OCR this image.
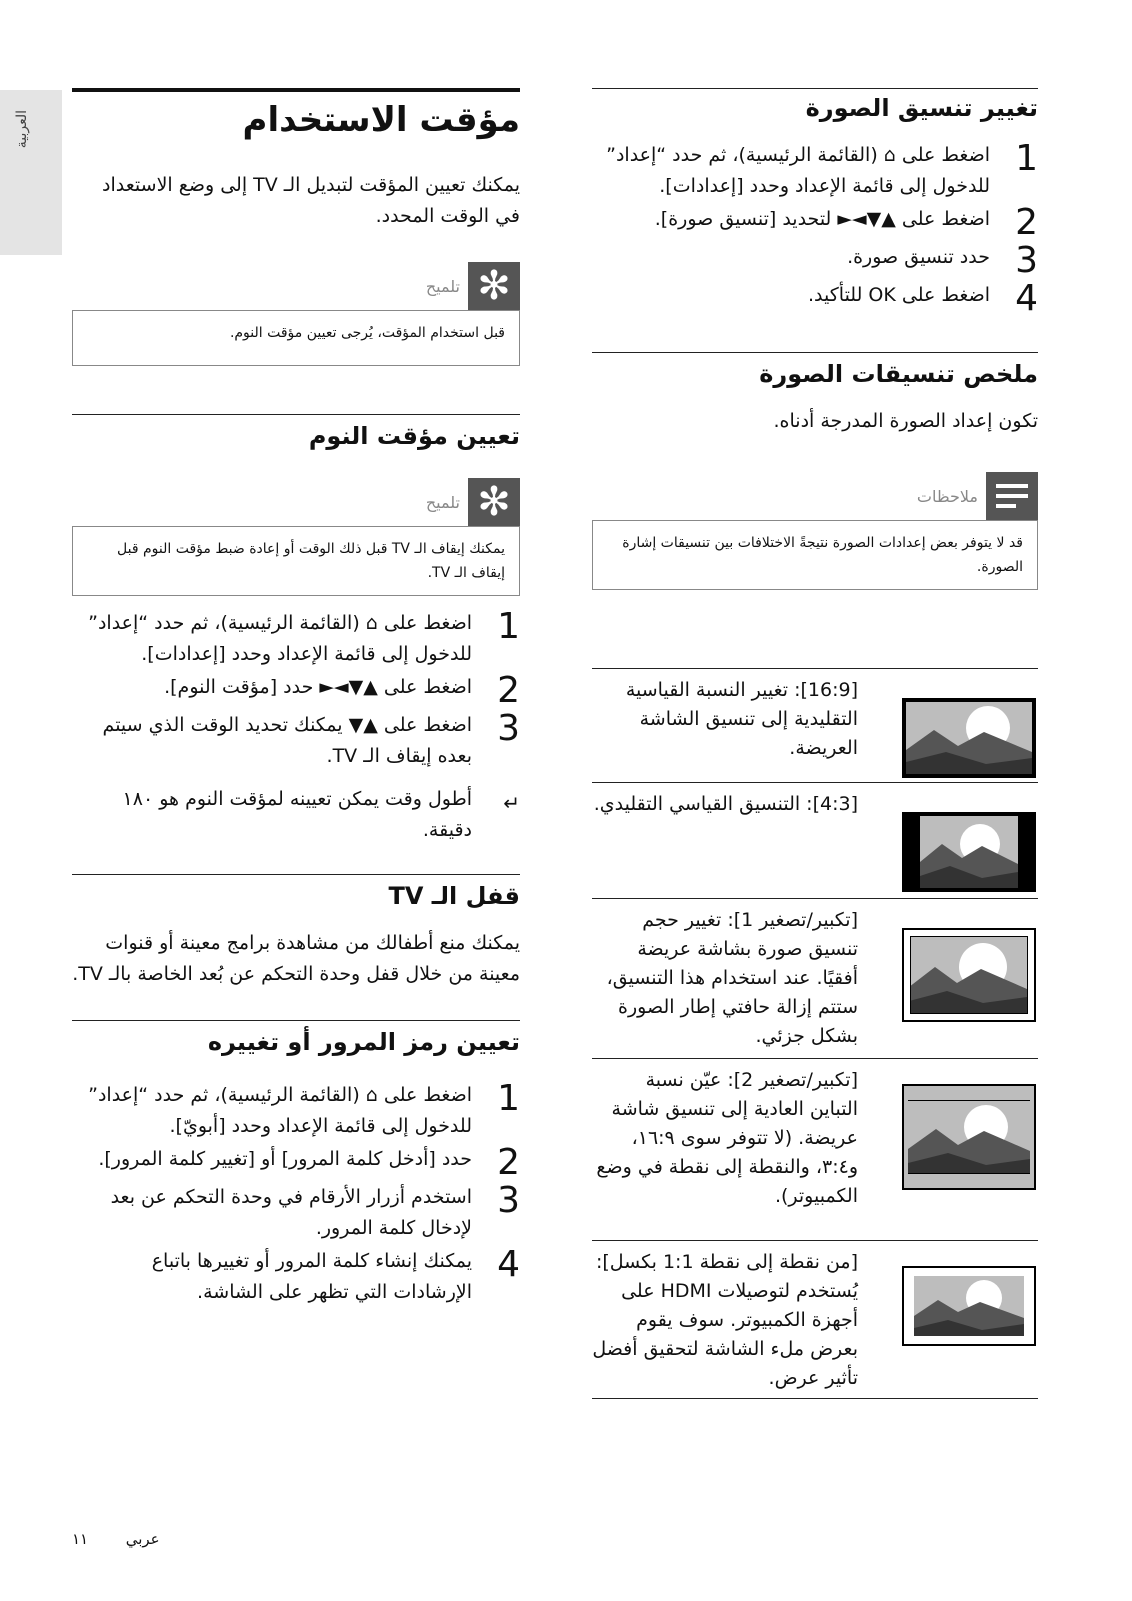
العربية
تغيير تنسيق الصورة
1
اضغط على ⌂ (القائمة الرئيسية)، ثم حدد “إعداد” للدخول إلى قائمة الإعداد وحدد [إعدادات].
2
اضغط على ▲▼◄► لتحديد [تنسيق صورة].
3
حدد تنسيق صورة.
4
اضغط على OK للتأكيد.
ملخص تنسيقات الصورة
تكون إعداد الصورة المدرجة أدناه.
ملاحظات
قد لا يتوفر بعض إعدادات الصورة نتيجةً الاختلافات بين تنسيقات إشارة الصورة.
[16:9]: تغيير النسبة القياسية التقليدية إلى تنسيق الشاشة العريضة.
[4:3]: التنسيق القياسي التقليدي.
[تكبير/تصغير 1]: تغيير حجم تنسيق صورة بشاشة عريضة أفقيًا. عند استخدام هذا التنسيق، ستتم إزالة حافتي إطار الصورة بشكل جزئي.
[تكبير/تصغير 2]: عيّن نسبة التباين العادية إلى تنسيق شاشة عريضة. (لا تتوفر سوى ١٦:٩، و٣:٤، والنقطة إلى نقطة في وضع الكمبيوتر).
[من نقطة إلى نقطة 1:1 بكسل]: يُستخدم لتوصيلات HDMI على أجهزة الكمبيوتر. سوف يقوم بعرض ملء الشاشة لتحقيق أفضل تأثير عرض.
مؤقت الاستخدام
يمكنك تعيين المؤقت لتبديل الـ TV إلى وضع الاستعداد في الوقت المحدد.
✻
تلميح
قبل استخدام المؤقت، يُرجى تعيين مؤقت النوم.
تعيين مؤقت النوم
✻
تلميح
يمكنك إيقاف الـ TV قبل ذلك الوقت أو إعادة ضبط مؤقت النوم قبل إيقاف الـ TV.
1
اضغط على ⌂ (القائمة الرئيسية)، ثم حدد “إعداد” للدخول إلى قائمة الإعداد وحدد [إعدادات].
2
اضغط على ▲▼◄► حدد [مؤقت النوم].
3
اضغط على ▲▼ يمكنك تحديد الوقت الذي سيتم بعده إيقاف الـ TV.
↵
أطول وقت يمكن تعيينه لمؤقت النوم هو ١٨٠ دقيقة.
قفل الـ TV
يمكنك منع أطفالك من مشاهدة برامج معينة أو قنوات معينة من خلال قفل وحدة التحكم عن بُعد الخاصة بالـ TV.
تعيين رمز المرور أو تغييره
1
اضغط على ⌂ (القائمة الرئيسية)، ثم حدد “إعداد” للدخول إلى قائمة الإعداد وحدد [أبويّ].
2
حدد [أدخل كلمة المرور] أو [تغيير كلمة المرور].
3
استخدم أزرار الأرقام في وحدة التحكم عن بعد لإدخال كلمة المرور.
4
يمكنك إنشاء كلمة المرور أو تغييرها باتباع الإرشادات التي تظهر على الشاشة.
عربي  ١١
